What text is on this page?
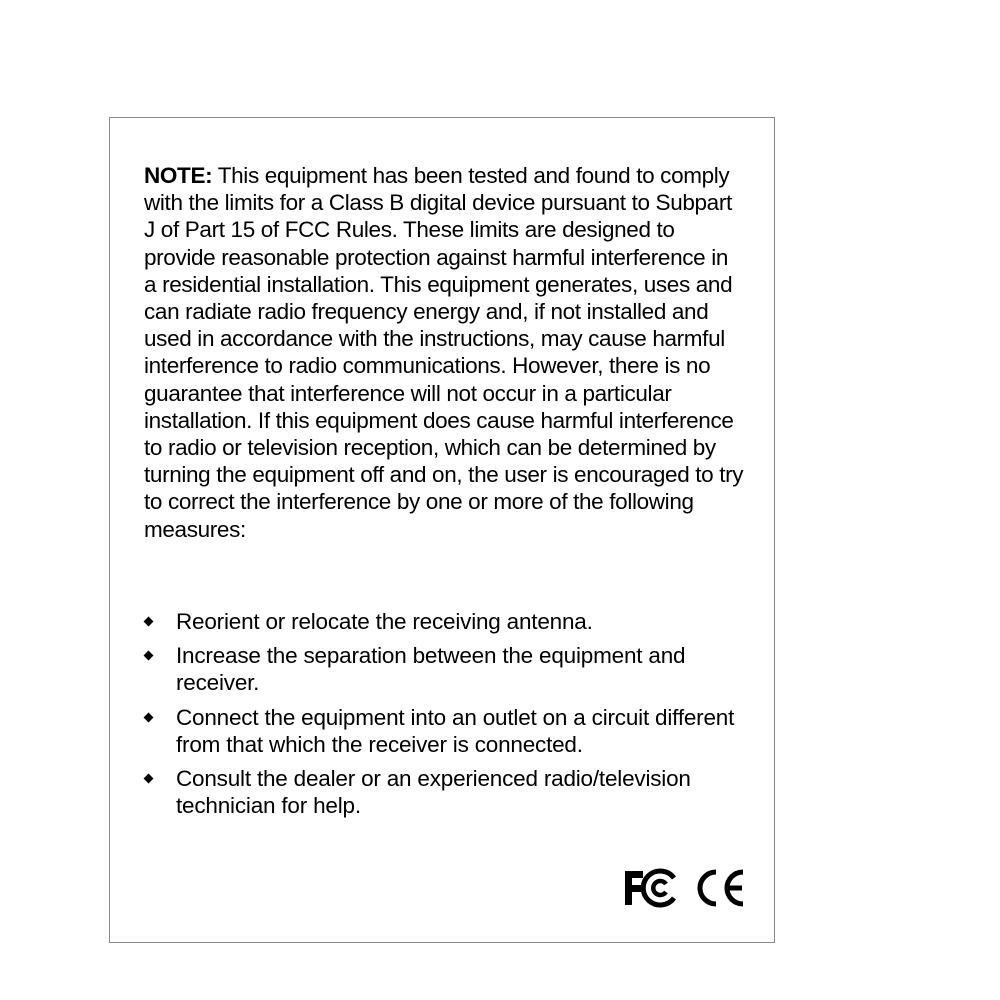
NOTE: This equipment has been tested and found to comply with the limits for a Class B digital device pursuant to Subpart J of Part 15 of FCC Rules. These limits are designed to provide reasonable protection against harmful interference in a residential installation. This equipment generates, uses and can radiate radio frequency energy and, if not installed and used in accordance with the instructions, may cause harmful interference to radio communications. However, there is no guarantee that interference will not occur in a particular installation. If this equipment does cause harmful interference to radio or television reception, which can be determined by turning the equipment off and on, the user is encouraged to try to correct the interference by one or more of the following measures:

Reorient or relocate the receiving antenna.
Increase the separation between the equipment and receiver.
Connect the equipment into an outlet on a circuit different from that which the receiver is connected.
Consult the dealer or an experienced radio/television technician for help.
